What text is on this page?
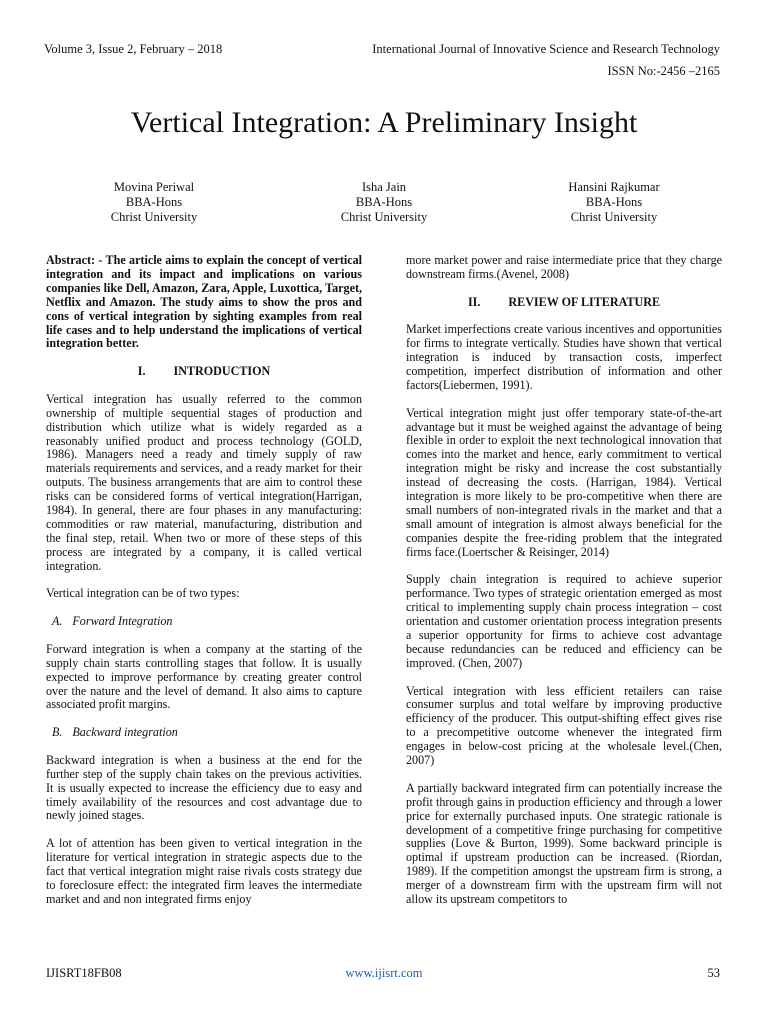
Volume 3, Issue 2, February – 2018	International Journal of Innovative Science and Research Technology
ISSN No:-2456 –2165
Vertical Integration: A Preliminary Insight
Movina Periwal
BBA-Hons
Christ University
Isha Jain
BBA-Hons
Christ University
Hansini Rajkumar
BBA-Hons
Christ University

Abstract: - The article aims to explain the concept of vertical integration and its impact and implications on various companies like Dell, Amazon, Zara, Apple, Luxottica, Target, Netflix and Amazon. The study aims to show the pros and cons of vertical integration by sighting examples from real life cases and to help understand the implications of vertical integration better.

I. INTRODUCTION

Vertical integration has usually referred to the common ownership of multiple sequential stages of production and distribution which utilize what is widely regarded as a reasonably unified product and process technology (GOLD, 1986). Managers need a ready and timely supply of raw materials requirements and services, and a ready market for their outputs. The business arrangements that are aim to control these risks can be considered forms of vertical integration(Harrigan, 1984). In general, there are four phases in any manufacturing: commodities or raw material, manufacturing, distribution and the final step, retail. When two or more of these steps of this process are integrated by a company, it is called vertical integration.

Vertical integration can be of two types:

A. Forward Integration

Forward integration is when a company at the starting of the supply chain starts controlling stages that follow. It is usually expected to improve performance by creating greater control over the nature and the level of demand. It also aims to capture associated profit margins.

B. Backward integration

Backward integration is when a business at the end for the further step of the supply chain takes on the previous activities. It is usually expected to increase the efficiency due to easy and timely availability of the resources and cost advantage due to newly joined stages.

A lot of attention has been given to vertical integration in the literature for vertical integration in strategic aspects due to the fact that vertical integration might raise rivals costs strategy due to foreclosure effect: the integrated firm leaves the intermediate market and and non integrated firms enjoy

more market power and raise intermediate price that they charge downstream firms.(Avenel, 2008)

II. REVIEW OF LITERATURE

Market imperfections create various incentives and opportunities for firms to integrate vertically. Studies have shown that vertical integration is induced by transaction costs, imperfect competition, imperfect distribution of information and other factors(Liebermen, 1991).

Vertical integration might just offer temporary state-of-the-art advantage but it must be weighed against the advantage of being flexible in order to exploit the next technological innovation that comes into the market and hence, early commitment to vertical integration might be risky and increase the cost substantially instead of decreasing the costs. (Harrigan, 1984). Vertical integration is more likely to be pro-competitive when there are small numbers of non-integrated rivals in the market and that a small amount of integration is almost always beneficial for the companies despite the free-riding problem that the integrated firms face.(Loertscher & Reisinger, 2014)

Supply chain integration is required to achieve superior performance. Two types of strategic orientation emerged as most critical to implementing supply chain process integration – cost orientation and customer orientation process integration presents a superior opportunity for firms to achieve cost advantage because redundancies can be reduced and efficiency can be improved. (Chen, 2007)

Vertical integration with less efficient retailers can raise consumer surplus and total welfare by improving productive efficiency of the producer. This output-shifting effect gives rise to a precompetitive outcome whenever the integrated firm engages in below-cost pricing at the wholesale level.(Chen, 2007)

A partially backward integrated firm can potentially increase the profit through gains in production efficiency and through a lower price for externally purchased inputs. One strategic rationale is development of a competitive fringe purchasing for competitive supplies (Love & Burton, 1999). Some backward principle is optimal if upstream production can be increased. (Riordan, 1989). If the competition amongst the upstream firm is strong, a merger of a downstream firm with the upstream firm will not allow its upstream competitors to

IJISRT18FB08	www.ijisrt.com	53
